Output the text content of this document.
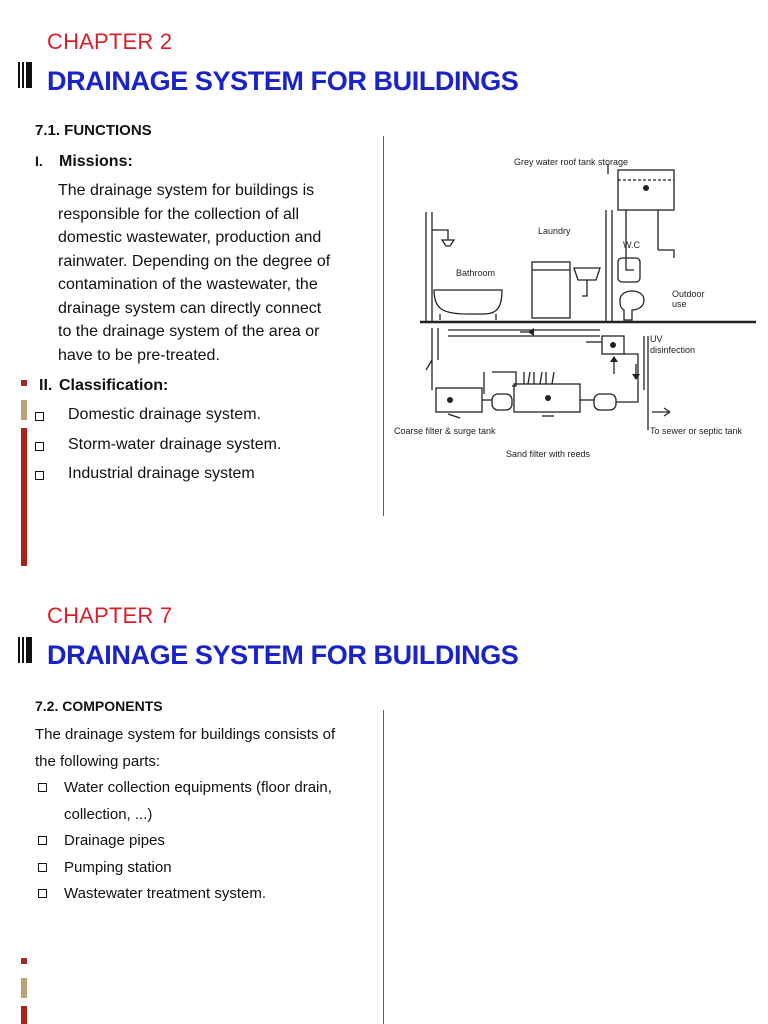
CHAPTER 2
DRAINAGE SYSTEM FOR BUILDINGS
7.1. FUNCTIONS
I. Missions:
The drainage system for buildings is
responsible for the collection of all
domestic wastewater, production and
rainwater. Depending on the degree of
contamination of the wastewater, the
drainage system can directly connect
to the drainage system of the area or
have to be pre-treated.
II. Classification:
Domestic drainage system.
Storm-water drainage system.
Industrial drainage system
Grey water roof tank storage
Laundry
W.C
Bathroom
Outdoor
use
UV
disinfection
Coarse filter & surge tank	To sewer or septic tank
Sand filter with reeds
CHAPTER 7
DRAINAGE SYSTEM FOR BUILDINGS
7.2. COMPONENTS
The drainage system for buildings consists of
the following parts:
Water collection equipments (floor drain,
collection, ...)
Drainage pipes
Pumping station
Wastewater treatment system.
